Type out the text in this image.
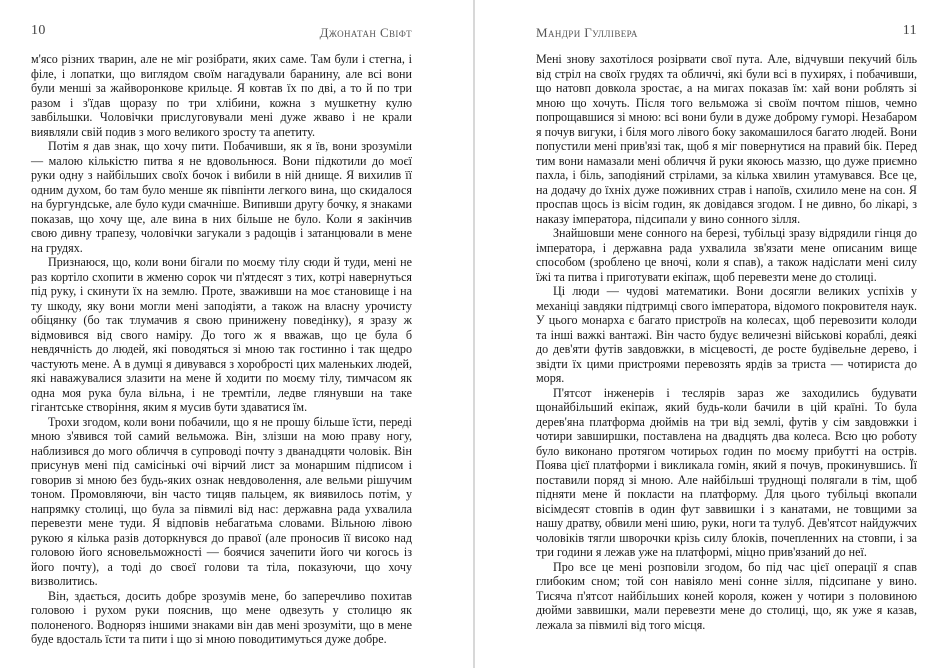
10	Джонатан Свіфт

м'ясо різних тварин, але не міг розібрати, яких саме. Там були і стегна, і філе, і лопатки, що виглядом своїм нагадували баранину, але всі вони були менші за жайворонкове крильце. Я ковтав їх по дві, а то й по три разом і з'їдав щоразу по три хлібини, кожна з мушкетну кулю завбільшки. Чоловічки прислуговували мені дуже жваво і не крали виявляли свій подив з мого великого зросту та апетиту.

Потім я дав знак, що хочу пити. Побачивши, як я їв, вони зрозуміли — малою кількістю питва я не вдовольнюся. Вони підкотили до моєї руки одну з найбільших своїх бочок і вибили в ній днище. Я вихилив її одним духом, бо там було менше як півпінти легкого вина, що скидалося на бургундське, але було куди смачніше. Випивши другу бочку, я знаками показав, що хочу ще, але вина в них більше не було. Коли я закінчив свою дивну трапезу, чоловічки загукали з радощів і затанцювали в мене на грудях.

Признаюся, що, коли вони бігали по моєму тілу сюди й туди, мені не раз кортіло схопити в жменю сорок чи п'ятдесят з тих, котрі навернуться під руку, і скинути їх на землю. Проте, зваживши на моє становище і на ту шкоду, яку вони могли мені заподіяти, а також на власну урочисту обіцянку (бо так тлумачив я свою принижену поведінку), я зразу ж відмовився від свого наміру. До того ж я вважав, що це була б невдячність до людей, які поводяться зі мною так гостинно і так щедро частують мене. А в думці я дивувався з хоробрості цих маленьких людей, які наважувалися злазити на мене й ходити по моєму тілу, тимчасом як одна моя рука була вільна, і не тремтіли, ледве глянувши на таке гігантське створіння, яким я мусив бути здаватися їм.

Трохи згодом, коли вони побачили, що я не прошу більше їсти, переді мною з'явився той самий вельможа. Він, злізши на мою праву ногу, наблизився до мого обличчя в супроводі почту з дванадцяти чоловік. Він присунув мені під самісінькі очі вірчий лист за монаршим підписом і говорив зі мною без будь-яких ознак невдоволення, але вельми рішучим тоном. Промовляючи, він часто тицяв пальцем, як виявилось потім, у напрямку столиці, що була за півмилі від нас: державна рада ухвалила перевезти мене туди. Я відповів небагатьма словами. Вільною лівою рукою я кілька разів доторкнувся до правої (але проносив її високо над головою його ясновельможності — боячися зачепити його чи когось із його почту), а тоді до своєї голови та тіла, показуючи, що хочу визволитись.

Він, здається, досить добре зрозумів мене, бо заперечливо похитав головою і рухом руки пояснив, що мене одвезуть у столицю як полоненого. Водноряз іншими знаками він дав мені зрозуміти, що в мене буде вдосталь їсти та пити і що зі мною поводитимуться дуже добре.

Мандри Гуллівера	11

Мені знову захотілося розірвати свої пута. Але, відчувши пекучий біль від стріл на своїх грудях та обличчі, які були всі в пухирях, і побачивши, що натовп довкола зростає, а на мигах показав їм: хай вони роблять зі мною що хочуть. Після того вельможа зі своїм почтом пішов, чемно попрощавшися зі мною: всі вони були в дуже доброму гуморі. Незабаром я почув вигуки, і біля мого лівого боку закомашилося багато людей. Вони попустили мені прив'язі так, щоб я міг повернутися на правий бік. Перед тим вони намазали мені обличчя й руки якоюсь маззю, що дуже приємно пахла, і біль, заподіяний стрілами, за кілька хвилин утамувався. Все це, на додачу до їхніх дуже поживних страв і напоїв, схилило мене на сон. Я проспав щось із вісім годин, як довідався згодом. І не дивно, бо лікарі, з наказу імператора, підсипали у вино сонного зілля.

Знайшовши мене сонного на березі, тубільці зразу відрядили гінця до імператора, і державна рада ухвалила зв'язати мене описаним вище способом (зроблено це вночі, коли я спав), а також надіслати мені силу їжі та питва і приготувати екіпаж, щоб перевезти мене до столиці.

Ці люди — чудові математики. Вони досягли великих успіхів у механіці завдяки підтримці свого імператора, відомого покровителя наук. У цього монарха є багато пристроїв на колесах, щоб перевозити колоди та інші важкі вантажі. Він часто будує величезні військові кораблі, деякі до дев'яти футів завдовжки, в місцевості, де росте будівельне дерево, і звідти їх цими пристроями перевозять ярдів за триста — чотириста до моря.

П'ятсот інженерів і теслярів зараз же заходились будувати щонайбільший екіпаж, який будь-коли бачили в цій країні. То була дерев'яна платформа дюймів на три від землі, футів у сім завдовжки і чотири завширшки, поставлена на двадцять два колеса. Всю цю роботу було виконано протягом чотирьох годин по моєму прибутті на острів. Поява цієї платформи і викликала гомін, який я почув, прокинувшись. Її поставили поряд зі мною. Але найбільші труднощі полягали в тім, щоб підняти мене й покласти на платформу. Для цього тубільці вкопали вісімдесят стовпів в один фут заввишки і з канатами, не товщими за нашу дратву, обвили мені шию, руки, ноги та тулуб. Дев'ятсот найдужчих чоловіків тягли шворочки крізь силу блоків, почепленних на стовпи, і за три години я лежав уже на платформі, міцно прив'язаний до неї.

Про все це мені розповіли згодом, бо під час цієї операції я спав глибоким сном; той сон навіяло мені сонне зілля, підсипане у вино. Тисяча п'ятсот найбільших коней короля, кожен у чотири з половиною дюйми заввишки, мали перевезти мене до столиці, що, як уже я казав, лежала за півмилі від того місця.
